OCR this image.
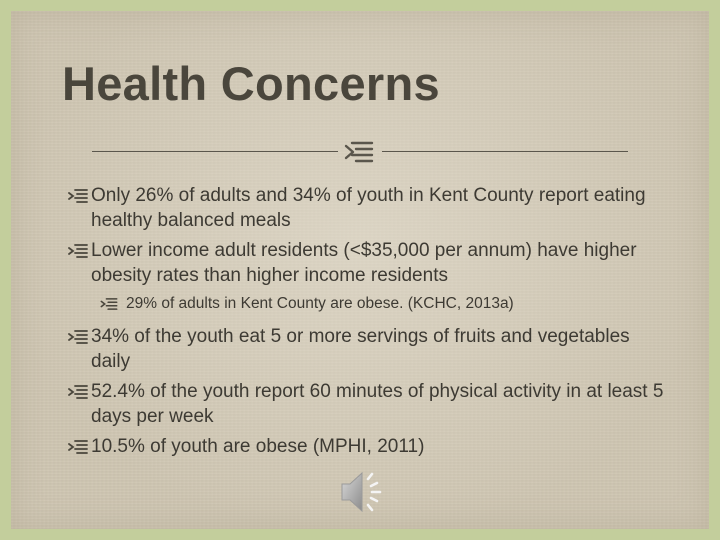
Health Concerns
Only 26% of adults and 34% of youth in Kent County report eating healthy balanced meals
Lower income adult residents (<$35,000 per annum) have higher obesity rates than higher income residents
29% of adults in Kent County are obese. (KCHC, 2013a)
34% of the youth eat 5 or more servings of fruits and vegetables daily
52.4% of the youth report 60 minutes of physical activity in at least 5 days per week
10.5% of youth are obese (MPHI, 2011)
